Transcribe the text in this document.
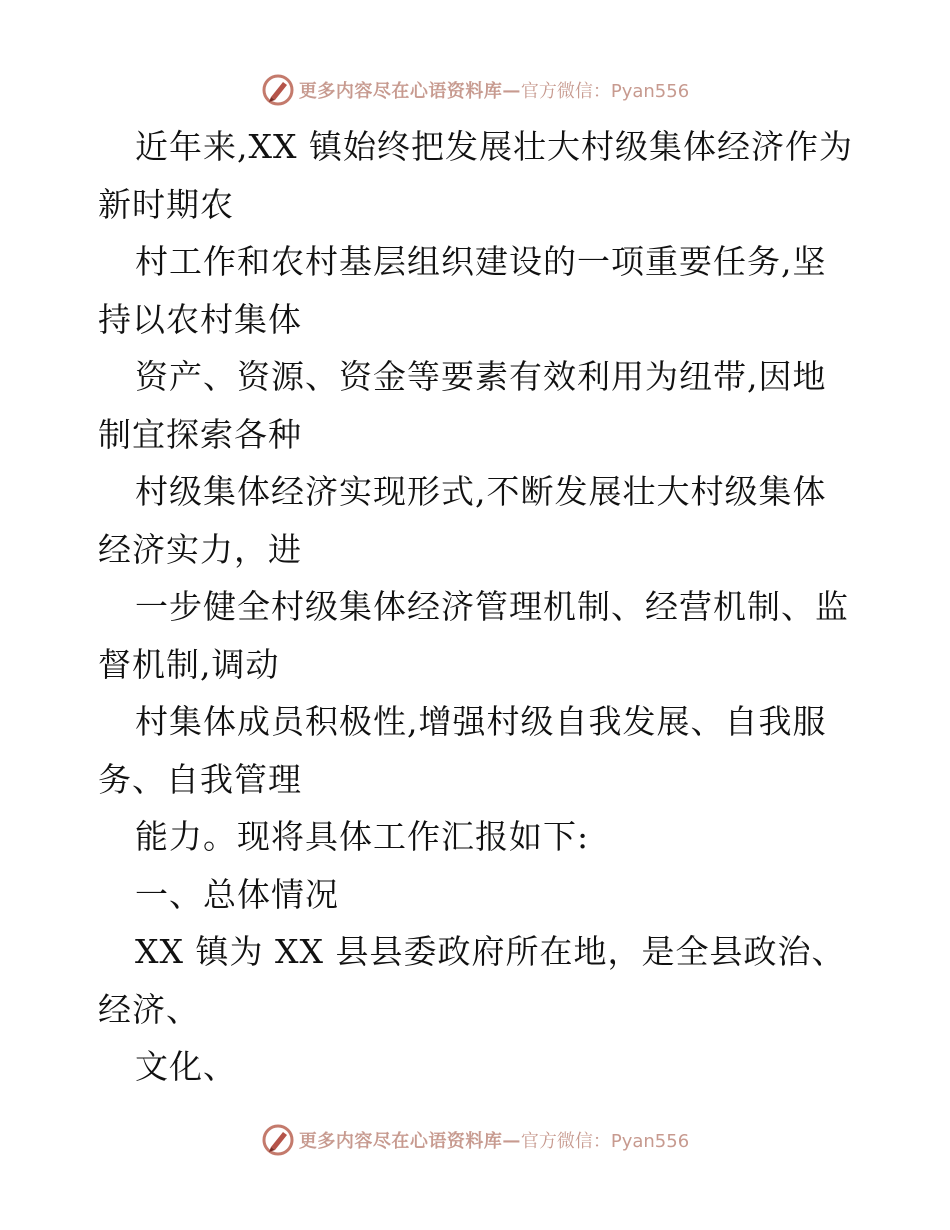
更多内容尽在心语资料库 — 官方微信：Pyan556
近年来,XX 镇始终把发展壮大村级集体经济作为
新时期农
村工作和农村基层组织建设的一项重要任务,坚
持以农村集体
资产、资源、资金等要素有效利用为纽带,因地
制宜探索各种
村级集体经济实现形式,不断发展壮大村级集体
经济实力，进
一步健全村级集体经济管理机制、经营机制、监
督机制,调动
村集体成员积极性,增强村级自我发展、自我服
务、自我管理
能力。现将具体工作汇报如下:
一、总体情况
XX 镇为 XX 县县委政府所在地，是全县政治、
经济、
文化、
更多内容尽在心语资料库 — 官方微信：Pyan556
